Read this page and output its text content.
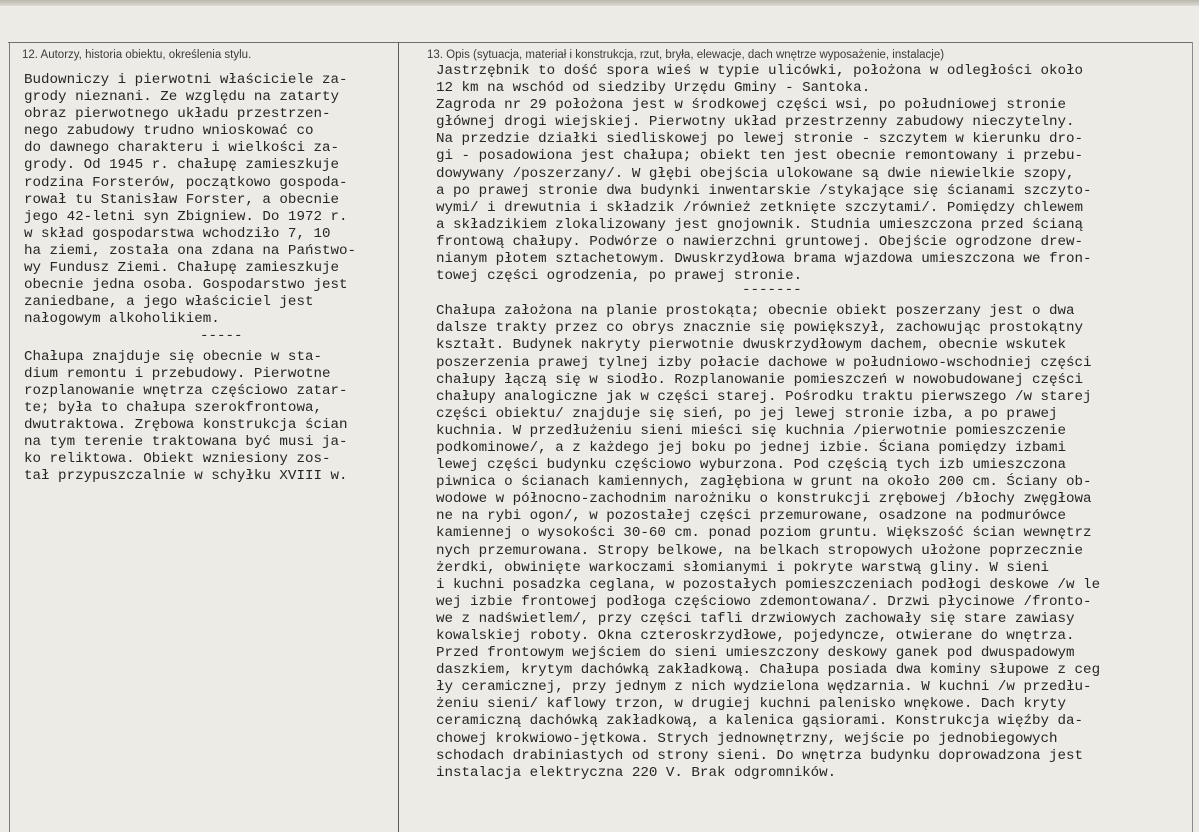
12. Autorzy, historia obiektu, określenia stylu.	13. Opis (sytuacja, materiał i konstrukcja, rzut, bryła, elewacje, dach wnętrze wyposażenie, instalacje)
Budowniczy i pierwotni właściciele za-
grody nieznani. Ze względu na zatarty
obraz pierwotnego układu przestrzen-
nego zabudowy trudno wnioskować co
do dawnego charakteru i wielkości za-
grody. Od 1945 r. chałupę zamieszkuje
rodzina Forsterów, początkowo gospoda-
rował tu Stanisław Forster, a obecnie
jego 42-letni syn Zbigniew. Do 1972 r.
w skład gospodarstwa wchodziło 7, 10
ha ziemi, została ona zdana na Państwo-
wy Fundusz Ziemi. Chałupę zamieszkuje
obecnie jedna osoba. Gospodarstwo jest
zaniedbane, a jego właściciel jest
nałogowym alkoholikiem.
-----
Chałupa znajduje się obecnie w sta-
dium remontu i przebudowy. Pierwotne
rozplanowanie wnętrza częściowo zatar-
te; była to chałupa szerokfrontowa,
dwutraktowa. Zrębowa konstrukcja ścian
na tym terenie traktowana być musi ja-
ko reliktowa. Obiekt wzniesiony zos-
tał przypuszczalnie w schyłku XVIII w.
Jastrzębnik to dość spora wieś w typie ulicówki, położona w odległości około
12 km na wschód od siedziby Urzędu Gminy - Santoka.
Zagroda nr 29 położona jest w środkowej części wsi, po południowej stronie
głównej drogi wiejskiej. Pierwotny układ przestrzenny zabudowy nieczytelny.
Na przedzie działki siedliskowej po lewej stronie - szczytem w kierunku dro-
gi - posadowiona jest chałupa; obiekt ten jest obecnie remontowany i przebu-
dowywany /poszerzany/. W głębi obejścia ulokowane są dwie niewielkie szopy,
a po prawej stronie dwa budynki inwentarskie /stykające się ścianami szczyto-
wymi/ i drewutnia i składzik /również zetknięte szczytami/. Pomiędzy chlewem
a składzikiem zlokalizowany jest gnojownik. Studnia umieszczona przed ścianą
frontową chałupy. Podwórze o nawierzchni gruntowej. Obejście ogrodzone drew-
nianym płotem sztachetowym. Dwuskrzydłowa brama wjazdowa umieszczona we fron-
towej części ogrodzenia, po prawej stronie.
-------
Chałupa założona na planie prostokąta; obecnie obiekt poszerzany jest o dwa
dalsze trakty przez co obrys znacznie się powiększył, zachowując prostokątny
kształt. Budynek nakryty pierwotnie dwuskrzydłowym dachem, obecnie wskutek
poszerzenia prawej tylnej izby połacie dachowe w południowo-wschodniej części
chałupy łączą się w siodło. Rozplanowanie pomieszczeń w nowobudowanej części
chałupy analogiczne jak w części starej. Pośrodku traktu pierwszego /w starej
części obiektu/ znajduje się sień, po jej lewej stronie izba, a po prawej
kuchnia. W przedłużeniu sieni mieści się kuchnia /pierwotnie pomieszczenie
podkominowe/, a z każdego jej boku po jednej izbie. Ściana pomiędzy izbami
lewej części budynku częściowo wyburzona. Pod częścią tych izb umieszczona
piwnica o ścianach kamiennych, zagłębiona w grunt na około 200 cm. Ściany ob-
wodowe w północno-zachodnim narożniku o konstrukcji zrębowej /błochy zwęgłowa
ne na rybi ogon/, w pozostałej części przemurowane, osadzone na podmurówce
kamiennej o wysokości 30-60 cm. ponad poziom gruntu. Większość ścian wewnętrz
nych przemurowana. Stropy belkowe, na belkach stropowych ułożone poprzecznie
żerdki, obwinięte warkoczami słomianymi i pokryte warstwą gliny. W sieni
i kuchni posadzka ceglana, w pozostałych pomieszczeniach podłogi deskowe /w le
wej izbie frontowej podłoga częściowo zdemontowana/. Drzwi płycinowe /fronto-
we z nadświetlem/, przy części tafli drzwiowych zachowały się stare zawiasy
kowalskiej roboty. Okna czteroskrzydłowe, pojedyncze, otwierane do wnętrza.
Przed frontowym wejściem do sieni umieszczony deskowy ganek pod dwuspadowym
daszkiem, krytym dachówką zakładkową. Chałupa posiada dwa kominy słupowe z ceg
ły ceramicznej, przy jednym z nich wydzielona wędzarnia. W kuchni /w przedłu-
żeniu sieni/ kaflowy trzon, w drugiej kuchni palenisko wnękowe. Dach kryty
ceramiczną dachówką zakładkową, a kalenica gąsiorami. Konstrukcja więźby da-
chowej krokwiowo-jętkowa. Strych jednownętrzny, wejście po jednobiegowych
schodach drabiniastych od strony sieni. Do wnętrza budynku doprowadzona jest
instalacja elektryczna 220 V. Brak odgromników.
